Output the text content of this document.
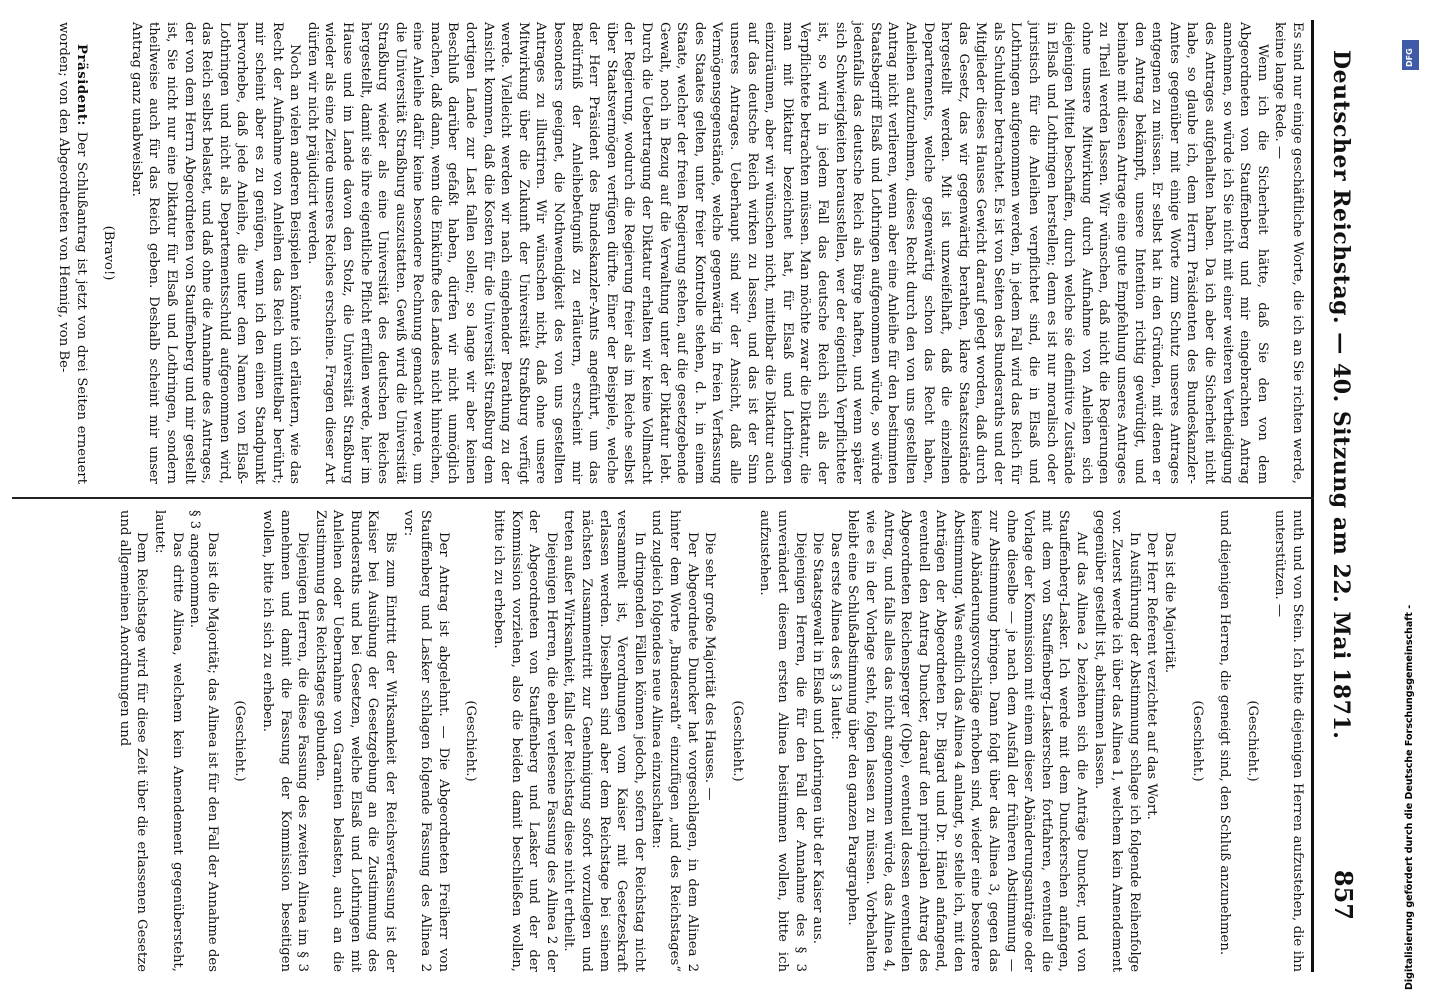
Deutscher Reichstag. — 40. Sitzung am 22. Mai 1871.
857

Es sind nur einige geschäftliche Worte, die ich an Sie richten werde, keine lange Rede. —

Wenn ich die Sicherheit hätte, daß Sie den von dem Abgeordneten von Stauffenberg und mir eingebrachten Antrag annehmen, so würde ich Sie nicht mit einer weiteren Vertheidigung des Antrages aufgehalten haben. Da ich aber die Sicherheit nicht habe, so glaube ich, dem Herrn Präsidenten des Bundeskanzler-Amtes gegenüber mit einige Worte zum Schutz unseres Antrages entgegnen zu müssen. Er selbst hat in den Gründen, mit denen er den Antrag bekämpft, unsere Intention richtig gewürdigt, und beinahe mit diesen Antrage eine gute Empfehlung unseres Antrages zu Theil werden lassen. Wir wünschen, daß nicht die Regierungen ohne unsere Mitwirkung durch Aufnahme von Anleihen sich diejenigen Mittel beschaffen, durch welche sie definitive Zustände in Elsaß und Lothringen herstellen; denn es ist nur moralisch oder juristisch für die Anleihen verpflichtet sind, die in Elsaß und Lothringen aufgenommen werden, in jedem Fall wird das Reich für als Schuldner betrachtet. Es ist von Seiten des Bundesraths und der Mitglieder dieses Hauses Gewicht darauf gelegt worden, daß durch das Gesetz, das wir gegenwärtig berathen, klare Staatszustände hergestellt werden. Mit ist unzweifelhaft, daß die einzelnen Departements, welche gegenwärtig schon das Recht haben, Anleihen aufzunehmen, dieses Recht durch den von uns gestellten Antrag nicht verlieren, wenn aber eine Anleihe für den bestimmten Staatsbegriff Elsaß und Lothringen aufgenommen würde, so würde jedenfalls das deutsche Reich als Bürge haften, und wenn später sich Schwierigkeiten herausstellen, wer der eigentlich Verpflichtete ist, so wird in jedem Fall das deutsche Reich sich als der Verpflichtete betrachten müssen. Man möchte zwar die Diktatur, die man mit Diktatur bezeichnet hat, für Elsaß und Lothringen einzuräumen, aber wir wünschen nicht, mittelbar die Diktatur auch auf das deutsche Reich wirken zu lassen, und das ist der Sinn unseres Antrages. Ueberhaupt sind wir der Ansicht, daß alle Vermögensgegenstände, welche gegenwärtig in freien Verfassung des Staates gelten, unter freier Kontrolle stehen, d. h. in einem Staate, welcher der freien Regierung stehen, auf die gesetzgebende Gewalt, noch in Bezug auf die Verwaltung unter der Diktatur lebt. Durch die Uebertragung der Diktatur erhalten wir keine Vollmacht der Regierung, wodurch die Regierung freier als im Reiche selbst über Staatsvermögen verfügen dürfte. Einer der Beispiele, welche der Herr Präsident des Bundeskanzler-Amts angeführt, um das Bedürfniß der Anleihebefugniß zu erläutern, erscheint mir besonders geeignet, die Nothwendigkeit des von uns gestellten Antrages zu illustriren. Wir wünschen nicht, daß ohne unsere Mitwirkung über die Zukunft der Universität Straßburg verfügt werde. Vielleicht werden wir nach eingehender Berathung zu der Ansicht kommen, daß die Kosten für die Universität Straßburg dem dortigen Lande zur Last fallen sollen; so lange wir aber keinen Beschluß darüber gefaßt haben, dürfen wir nicht unmöglich machen, daß dann, wenn die Einkünfte des Landes nicht hinreichen, eine Anleihe dafür keine besondere Rechnung gemacht werde, um die Universität Straßburg auszustatten. Gewiß wird die Universität Straßburg wieder als eine Universität des deutschen Reiches hergestellt, damit sie ihre eigentliche Pflicht erfüllen werde, hier im Hause und im Lande davon den Stolz, die Universität Straßburg wieder als eine Zierde unseres Reiches erscheine. Fragen dieser Art dürfen wir nicht präjudicirt werden.

Noch an vielen anderen Beispielen könnte ich erläutern, wie das Recht der Aufnahme von Anleihen das Reich unmittelbar berührt; mir scheint aber es zu genügen, wenn ich den einen Standpunkt hervorhebe, daß jede Anleihe, die unter dem Namen von Elsaß-Lothringen und nicht als Departementsschuld aufgenommen wird, das Reich selbst belastet, und daß ohne die Annahme des Antrages, der von dem Herrn Abgeordneten von Stauffenberg und mir gestellt ist, Sie nicht nur eine Diktatur für Elsaß und Lothringen, sondern theilweise auch für das Reich geben. Deshalb scheint mir unser Antrag ganz unabweisbar.

(Bravo!)

Präsident: Der Schlußantrag ist jetzt von drei Seiten erneuert worden; von den Abgeordneten von Hennig, von Be-

nuth und von Stein. Ich bitte diejenigen Herren aufzustehen, die ihn unterstützen. —

(Geschieht.)

und diejenigen Herren, die geneigt sind, den Schluß anzunehmen.

(Geschieht.)

Das ist die Majorität.

Der Herr Referent verzichtet auf das Wort.

In Ausführung der Abstimmung schlage ich folgende Reihenfolge vor. Zuerst werde ich über das Alinea 1, welchem kein Amendement gegenüber gestellt ist, abstimmen lassen.

Auf das Alinea 2 beziehen sich die Anträge Duncker, und von Stauffenberg-Lasker. Ich werde mit dem Dunckerschen anfangen, mit dem von Stauffenberg-Laskerschen fortfahren, eventuell die Vorlage der Kommission mit einem dieser Abänderungsanträge oder ohne dieselbe — je nach dem Ausfall der früheren Abstimmung — zur Abstimmung bringen. Dann folgt über das Alinea 3, gegen das keine Abänderungsvorschläge erhoben sind, wieder eine besondere Abstimmung. Was endlich das Alinea 4 anlangt, so stelle ich, mit den Anträgen der Abgeordneten Dr. Bigard und Dr. Hänel anfangend, eventuell den Antrag Duncker, darauf den principalen Antrag des Abgeordneten Reichensperger (Olpe), eventuell dessen eventuellen Antrag, und falls alles das nicht angenommen würde, das Alinea 4, wie es in der Vorlage steht, folgen lassen zu müssen. Vorbehalten bleibt eine Schlußabstimmung über den ganzen Paragraphen.

Das erste Alinea des § 3 lautet:

Die Staatsgewalt in Elsaß und Lothringen übt der Kaiser aus.

Diejenigen Herren, die für den Fall der Annahme des § 3 unverändert diesem ersten Alinea beistimmen wollen, bitte ich aufzustehen.

(Geschieht.)

Die sehr große Majorität des Hauses. —

Der Abgeordnete Duncker hat vorgeschlagen, in dem Alinea 2 hinter dem Worte „Bundesrath“ einzufügen „und des Reichstages“ und zugleich folgendes neue Alinea einzuschalten:

In dringenden Fällen können jedoch, sofern der Reichstag nicht versammelt ist, Verordnungen vom Kaiser mit Gesetzeskraft erlassen werden. Dieselben sind aber dem Reichstage bei seinem nächsten Zusammentritt zur Genehmigung sofort vorzulegen und treten außer Wirksamkeit, falls der Reichstag diese nicht ertheilt.

Diejenigen Herren, die eben verlesene Fassung des Alinea 2 der der Abgeordneten von Stauffenberg und Lasker und der der Kommission vorziehen, also die beiden damit beschließen wollen, bitte ich zu erheben.

(Geschieht.)

Der Antrag ist abgelehnt. — Die Abgeordneten Freiherr von Stauffenberg und Lasker schlagen folgende Fassung des Alinea 2 vor:

Bis zum Eintritt der Wirksamkeit der Reichsverfassung ist der Kaiser bei Ausübung der Gesetzgebung an die Zustimmung des Bundesraths und bei Gesetzen, welche Elsaß und Lothringen mit Anleihen oder Uebernahme von Garantien belasten, auch an die Zustimmung des Reichstages gebunden.

Diejenigen Herren, die diese Fassung des zweiten Alinea im § 3 annehmen und damit die Fassung der Kommission beseitigen wollen, bitte ich sich zu erheben.

(Geschieht.)

Das ist die Majorität; das Alinea ist für den Fall der Annahme des § 3 angenommen.

Das dritte Alinea, welchem kein Amendement gegenübersteht, lautet:

Dem Reichstage wird für diese Zeit über die erlassenen Gesetze und allgemeinen Anordnungen und

DFG
Digitalisierung gefördert durch die Deutsche Forschungsgemeinschaft -
